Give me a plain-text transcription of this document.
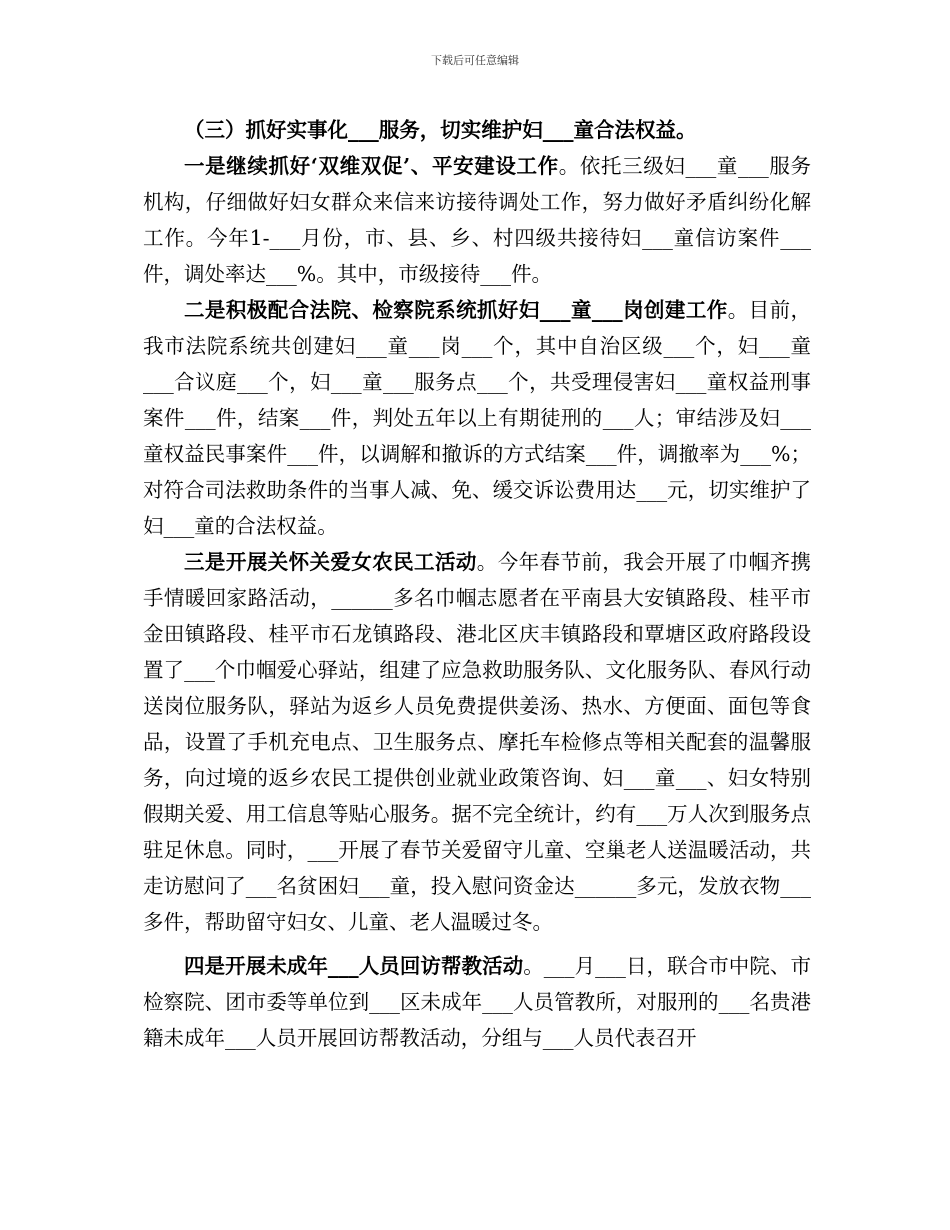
下载后可任意编辑

（三）抓好实事化___服务，切实维护妇___童合法权益。

一是继续抓好‘双维双促’、平安建设工作。依托三级妇___童___服务机构，仔细做好妇女群众来信来访接待调处工作，努力做好矛盾纠纷化解工作。今年1-___月份，市、县、乡、村四级共接待妇___童信访案件___件，调处率达___%。其中，市级接待___件。

二是积极配合法院、检察院系统抓好妇___童___岗创建工作。目前，我市法院系统共创建妇___童___岗___个，其中自治区级___个，妇___童___合议庭___个，妇___童___服务点___个，共受理侵害妇___童权益刑事案件___件，结案___件，判处五年以上有期徒刑的___人；审结涉及妇___童权益民事案件___件，以调解和撤诉的方式结案___件，调撤率为___%；对符合司法救助条件的当事人减、免、缓交诉讼费用达___元，切实维护了妇___童的合法权益。

三是开展关怀关爱女农民工活动。今年春节前，我会开展了巾帼齐携手情暖回家路活动，______多名巾帼志愿者在平南县大安镇路段、桂平市金田镇路段、桂平市石龙镇路段、港北区庆丰镇路段和覃塘区政府路段设置了___个巾帼爱心驿站，组建了应急救助服务队、文化服务队、春风行动送岗位服务队，驿站为返乡人员免费提供姜汤、热水、方便面、面包等食品，设置了手机充电点、卫生服务点、摩托车检修点等相关配套的温馨服务，向过境的返乡农民工提供创业就业政策咨询、妇___童___、妇女特别假期关爱、用工信息等贴心服务。据不完全统计，约有___万人次到服务点驻足休息。同时，___开展了春节关爱留守儿童、空巢老人送温暖活动，共走访慰问了___名贫困妇___童，投入慰问资金达______多元，发放衣物___多件，帮助留守妇女、儿童、老人温暖过冬。

四是开展未成年___人员回访帮教活动。___月___日，联合市中院、市检察院、团市委等单位到___区未成年___人员管教所，对服刑的___名贵港籍未成年___人员开展回访帮教活动，分组与___人员代表召开
